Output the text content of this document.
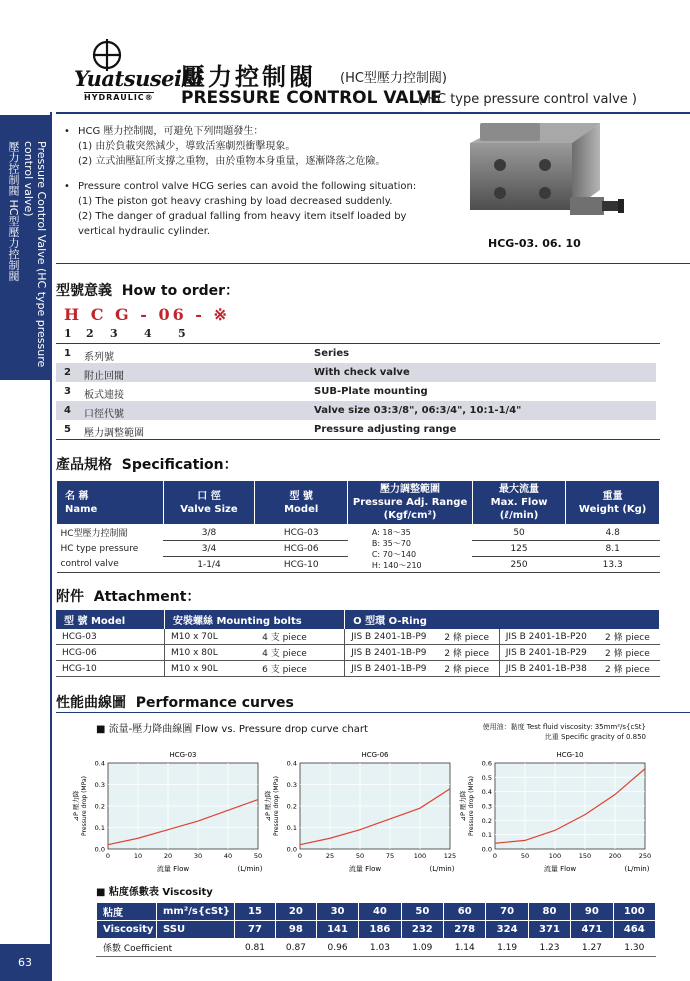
壓力控制閥 HC型壓力控制閥	Pressure Control Valve (HC type pressure control valve)
63
Yuatsuseiki
HYDRAULIC®
壓力控制閥 (HC型壓力控制閥)
PRESSURE CONTROL VALVE
( HC type pressure control valve )
• HCG 壓力控制閥，可避免下列問題發生：
(1) 由於負載突然減少，導致活塞劇烈衝擊現象。
(2) 立式油壓缸所支撐之重物，由於重物本身重量，逐漸降落之危險。
• Pressure control valve HCG series can avoid the following situation:
(1) The piston got heavy crashing by load decreased suddenly.
(2) The danger of gradual falling from heavy item itself loaded by vertical hydraulic cylinder.
HCG-03. 06. 10
型號意義 How to order：
H C G - 06 - ※
1 2 3 4 5
1 系列號	Series
2 附止回閥	With check valve
3 板式連接	SUB-Plate mounting
4 口徑代號	Valve size 03:3/8", 06:3/4", 10:1-1/4"
5 壓力調整範圍	Pressure adjusting range
產品規格 Specification：
名 稱
Name	口 徑
Valve Size	型 號
Model	壓力調整範圍
Pressure Adj. Range
(Kgf/cm²)	最大流量
Max. Flow
(ℓ/min)	重量
Weight (Kg)
HC型壓力控制閥	3/8	HCG-03	A: 18～35
B: 35～70
C: 70～140
H: 140～210	50	4.8
HC type pressure	3/4	HCG-06		125	8.1
control valve	1-1/4	HCG-10		250	13.3
附件 Attachment：
型 號 Model	安裝螺絲 Mounting bolts		O 型環 O-Ring			
HCG-03	M10 x 70L	4 支 piece	JIS B 2401-1B-P9	2 條 piece	JIS B 2401-1B-P20	2 條 piece
HCG-06	M10 x 80L	4 支 piece	JIS B 2401-1B-P9	2 條 piece	JIS B 2401-1B-P29	2 條 piece
HCG-10	M10 x 90L	6 支 piece	JIS B 2401-1B-P9	2 條 piece	JIS B 2401-1B-P38	2 條 piece
性能曲線圖 Performance curves
■ 流量-壓力降曲線圖 Flow vs. Pressure drop curve chart	使用油：黏度 Test fluid viscosity: 35mm²/s{cSt}
比重 Specific gracity of 0.850
HCG-03
0	10	20	30	40	50
0.0
0.1
0.2
0.3
0.4
⊿P 壓力降 Pressure drop (MPa)
流量 Flow	(L/min)
HCG-06
0	25	50	75	100	125
0.0
0.1
0.2
0.3
0.4
⊿P 壓力降 Pressure drop (MPa)
流量 Flow	(L/min)
HCG-10
0	50	100	150	200	250
0.0
0.1
0.2
0.3
0.4
0.5
0.6
⊿P 壓力降 Pressure drop (MPa)
流量 Flow	(L/min)
■ 粘度係數表 Viscosity
粘度	mm²/s{cSt}	15	20	30	40	50	60	70	80	90	100
Viscosity	SSU	77	98	141	186	232	278	324	371	471	464
係數 Coefficient		0.81	0.87	0.96	1.03	1.09	1.14	1.19	1.23	1.27	1.30
